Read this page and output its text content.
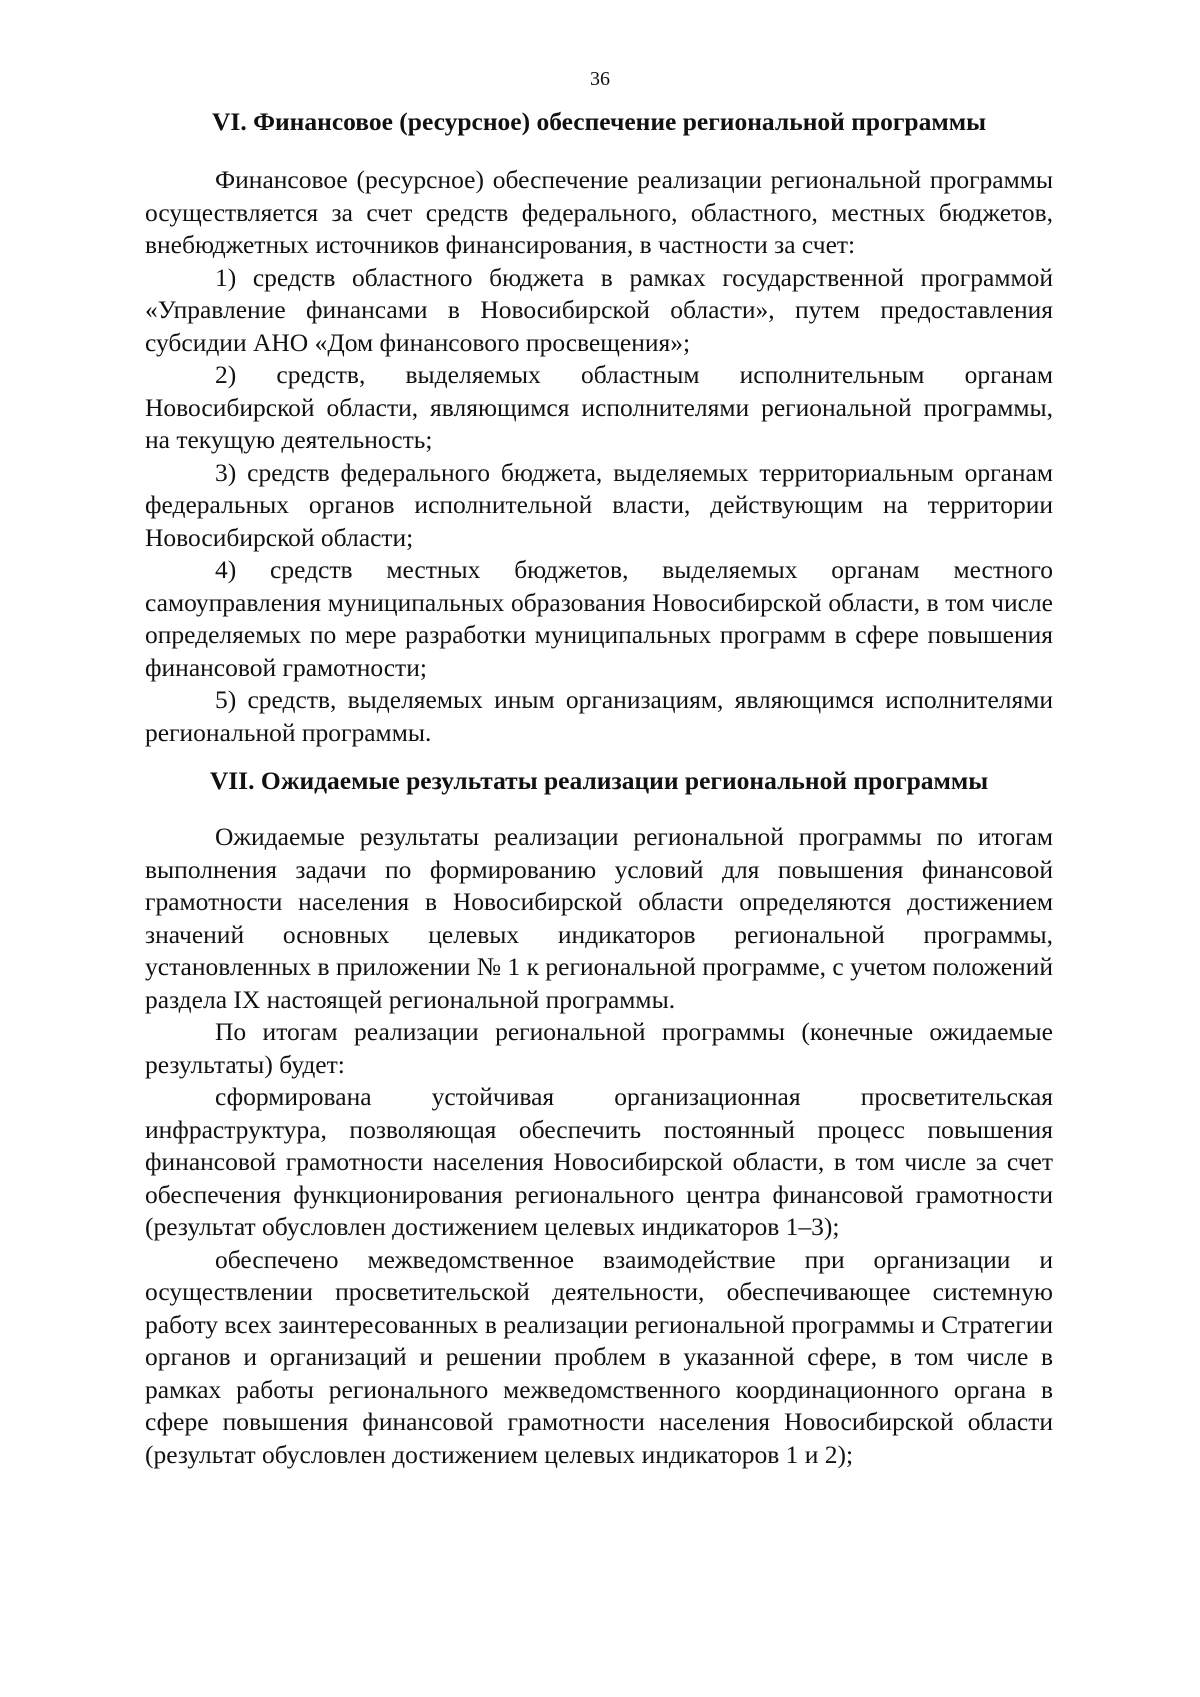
36
VI. Финансовое (ресурсное) обеспечение региональной программы

Финансовое (ресурсное) обеспечение реализации региональной программы осуществляется за счет средств федерального, областного, местных бюджетов, внебюджетных источников финансирования, в частности за счет:

1) средств областного бюджета в рамках государственной программой «Управление финансами в Новосибирской области», путем предоставления субсидии АНО «Дом финансового просвещения»;

2) средств, выделяемых областным исполнительным органам Новосибирской области, являющимся исполнителями региональной программы, на текущую деятельность;

3) средств федерального бюджета, выделяемых территориальным органам федеральных органов исполнительной власти, действующим на территории Новосибирской области;

4) средств местных бюджетов, выделяемых органам местного самоуправления муниципальных образования Новосибирской области, в том числе определяемых по мере разработки муниципальных программ в сфере повышения финансовой грамотности;

5) средств, выделяемых иным организациям, являющимся исполнителями региональной программы.

VII. Ожидаемые результаты реализации региональной программы

Ожидаемые результаты реализации региональной программы по итогам выполнения задачи по формированию условий для повышения финансовой грамотности населения в Новосибирской области определяются достижением значений основных целевых индикаторов региональной программы, установленных в приложении № 1 к региональной программе, с учетом положений раздела IX настоящей региональной программы.

По итогам реализации региональной программы (конечные ожидаемые результаты) будет:

сформирована устойчивая организационная просветительская инфраструктура, позволяющая обеспечить постоянный процесс повышения финансовой грамотности населения Новосибирской области, в том числе за счет обеспечения функционирования регионального центра финансовой грамотности (результат обусловлен достижением целевых индикаторов 1–3);

обеспечено межведомственное взаимодействие при организации и осуществлении просветительской деятельности, обеспечивающее системную работу всех заинтересованных в реализации региональной программы и Стратегии органов и организаций и решении проблем в указанной сфере, в том числе в рамках работы регионального межведомственного координационного органа в сфере повышения финансовой грамотности населения Новосибирской области (результат обусловлен достижением целевых индикаторов 1 и 2);
